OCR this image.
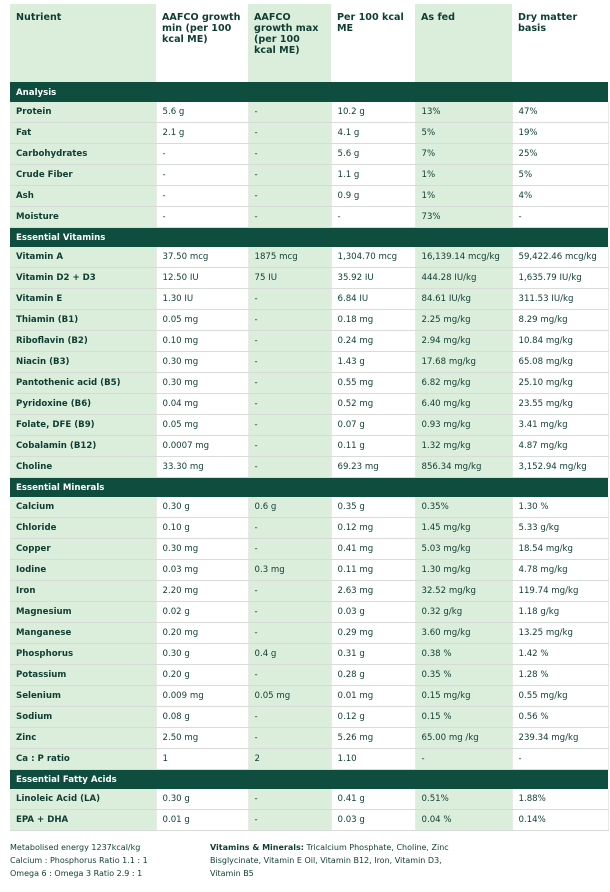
Nutrient	AAFCO growth min (per 100 kcal ME)	AAFCO growth max (per 100 kcal ME)	Per 100 kcal ME	As fed	Dry matter basis
Analysis					
Protein	5.6 g	-	10.2 g	13%	47%
Fat	2.1 g	-	4.1 g	5%	19%
Carbohydrates	-	-	5.6 g	7%	25%
Crude Fiber	-	-	1.1 g	1%	5%
Ash	-	-	0.9 g	1%	4%
Moisture	-	-	-	73%	-
Essential Vitamins					
Vitamin A	37.50 mcg	1875 mcg	1,304.70 mcg	16,139.14 mcg/kg	59,422.46 mcg/kg
Vitamin D2 + D3	12.50 IU	75 IU	35.92 IU	444.28 IU/kg	1,635.79 IU/kg
Vitamin E	1.30 IU	-	6.84 IU	84.61 IU/kg	311.53 IU/kg
Thiamin (B1)	0.05 mg	-	0.18 mg	2.25 mg/kg	8.29 mg/kg
Riboflavin (B2)	0.10 mg	-	0.24 mg	2.94 mg/kg	10.84 mg/kg
Niacin (B3)	0.30 mg	-	1.43 g	17.68 mg/kg	65.08 mg/kg
Pantothenic acid (B5)	0.30 mg	-	0.55 mg	6.82 mg/kg	25.10 mg/kg
Pyridoxine (B6)	0.04 mg	-	0.52 mg	6.40 mg/kg	23.55 mg/kg
Folate, DFE (B9)	0.05 mg	-	0.07 g	0.93 mg/kg	3.41 mg/kg
Cobalamin (B12)	0.0007 mg	-	0.11 g	1.32 mg/kg	4.87 mg/kg
Choline	33.30 mg	-	69.23 mg	856.34 mg/kg	3,152.94 mg/kg
Essential Minerals					
Calcium	0.30 g	0.6 g	0.35 g	0.35%	1.30 %
Chloride	0.10 g	-	0.12 mg	1.45 mg/kg	5.33 g/kg
Copper	0.30 mg	-	0.41 mg	5.03 mg/kg	18.54 mg/kg
Iodine	0.03 mg	0.3 mg	0.11 mg	1.30 mg/kg	4.78 mg/kg
Iron	2.20 mg	-	2.63 mg	32.52 mg/kg	119.74 mg/kg
Magnesium	0.02 g	-	0.03 g	0.32 g/kg	1.18 g/kg
Manganese	0.20 mg	-	0.29 mg	3.60 mg/kg	13.25 mg/kg
Phosphorus	0.30 g	0.4 g	0.31 g	0.38 %	1.42 %
Potassium	0.20 g	-	0.28 g	0.35 %	1.28 %
Selenium	0.009 mg	0.05 mg	0.01 mg	0.15 mg/kg	0.55 mg/kg
Sodium	0.08 g	-	0.12 g	0.15 %	0.56 %
Zinc	2.50 mg	-	5.26 mg	65.00 mg /kg	239.34 mg/kg
Ca : P ratio	1	2	1.10	-	-
Essential Fatty Acids					
Linoleic Acid (LA)	0.30 g	-	0.41 g	0.51%	1.88%
EPA + DHA	0.01 g	-	0.03 g	0.04 %	0.14%
Metabolised energy 1237kcal/kg
Calcium : Phosphorus Ratio 1.1 : 1
Omega 6 : Omega 3 Ratio 2.9 : 1
Vitamins & Minerals: Tricalcium Phosphate, Choline, Zinc Bisglycinate, Vitamin E Oil, Vitamin B12, Iron, Vitamin D3, Vitamin B5
